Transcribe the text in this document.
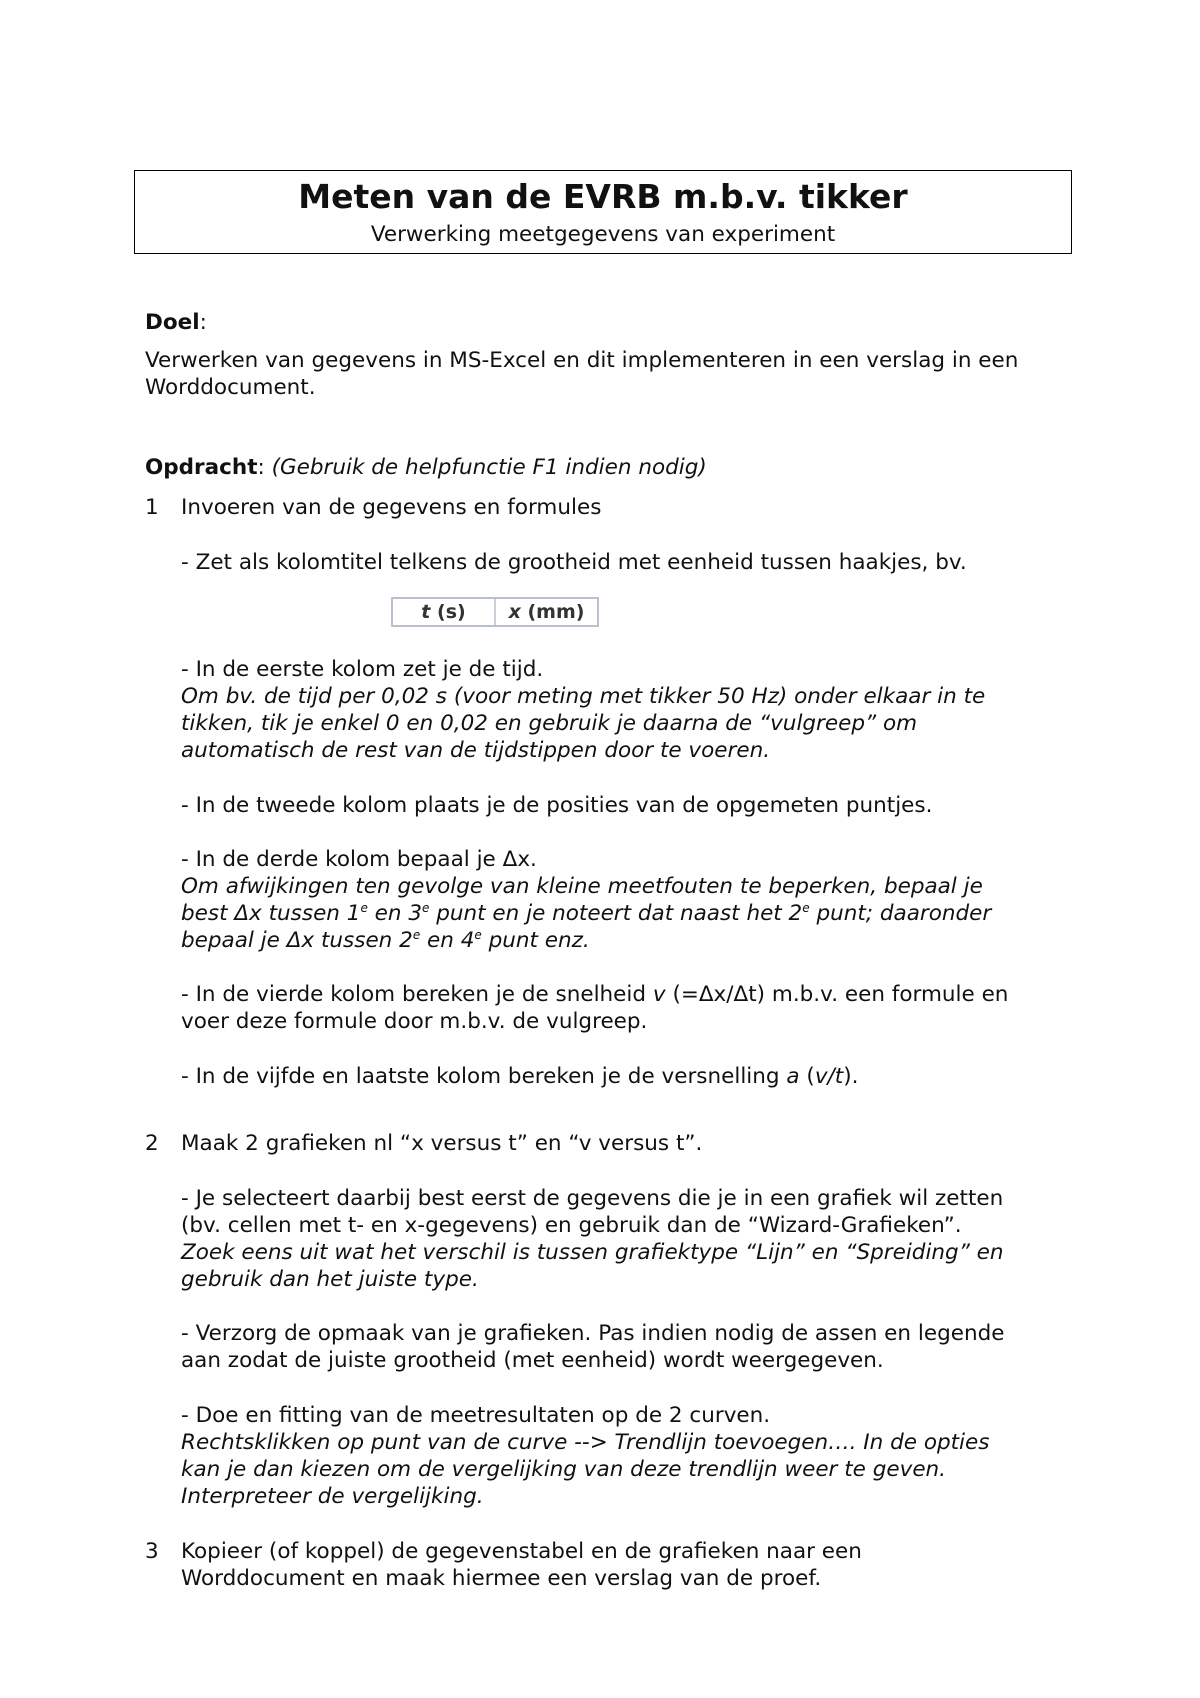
Meten van de EVRB m.b.v. tikker
Verwerking meetgegevens van experiment
Doel:
Verwerken van gegevens in MS-Excel en dit implementeren in een verslag in een
Worddocument.
Opdracht: (Gebruik de helpfunctie F1 indien nodig)
1 Invoeren van de gegevens en formules
- Zet als kolomtitel telkens de grootheid met eenheid tussen haakjes, bv.
t (s)	x (mm)
- In de eerste kolom zet je de tijd.
Om bv. de tijd per 0,02 s (voor meting met tikker 50 Hz) onder elkaar in te
tikken, tik je enkel 0 en 0,02 en gebruik je daarna de “vulgreep” om
automatisch de rest van de tijdstippen door te voeren.
- In de tweede kolom plaats je de posities van de opgemeten puntjes.
- In de derde kolom bepaal je Δx.
Om afwijkingen ten gevolge van kleine meetfouten te beperken, bepaal je
best Δx tussen 1e en 3e punt en je noteert dat naast het 2e punt; daaronder
bepaal je Δx tussen 2e en 4e punt enz.
- In de vierde kolom bereken je de snelheid v (=Δx/Δt) m.b.v. een formule en
voer deze formule door m.b.v. de vulgreep.
- In de vijfde en laatste kolom bereken je de versnelling a (v/t).
2 Maak 2 grafieken nl “x versus t” en “v versus t”.
- Je selecteert daarbij best eerst de gegevens die je in een grafiek wil zetten
(bv. cellen met t- en x-gegevens) en gebruik dan de “Wizard-Grafieken”.
Zoek eens uit wat het verschil is tussen grafiektype “Lijn” en “Spreiding” en
gebruik dan het juiste type.
- Verzorg de opmaak van je grafieken. Pas indien nodig de assen en legende
aan zodat de juiste grootheid (met eenheid) wordt weergegeven.
- Doe en fitting van de meetresultaten op de 2 curven.
Rechtsklikken op punt van de curve --> Trendlijn toevoegen…. In de opties
kan je dan kiezen om de vergelijking van deze trendlijn weer te geven.
Interpreteer de vergelijking.
3 Kopieer (of koppel) de gegevenstabel en de grafieken naar een
Worddocument en maak hiermee een verslag van de proef.
